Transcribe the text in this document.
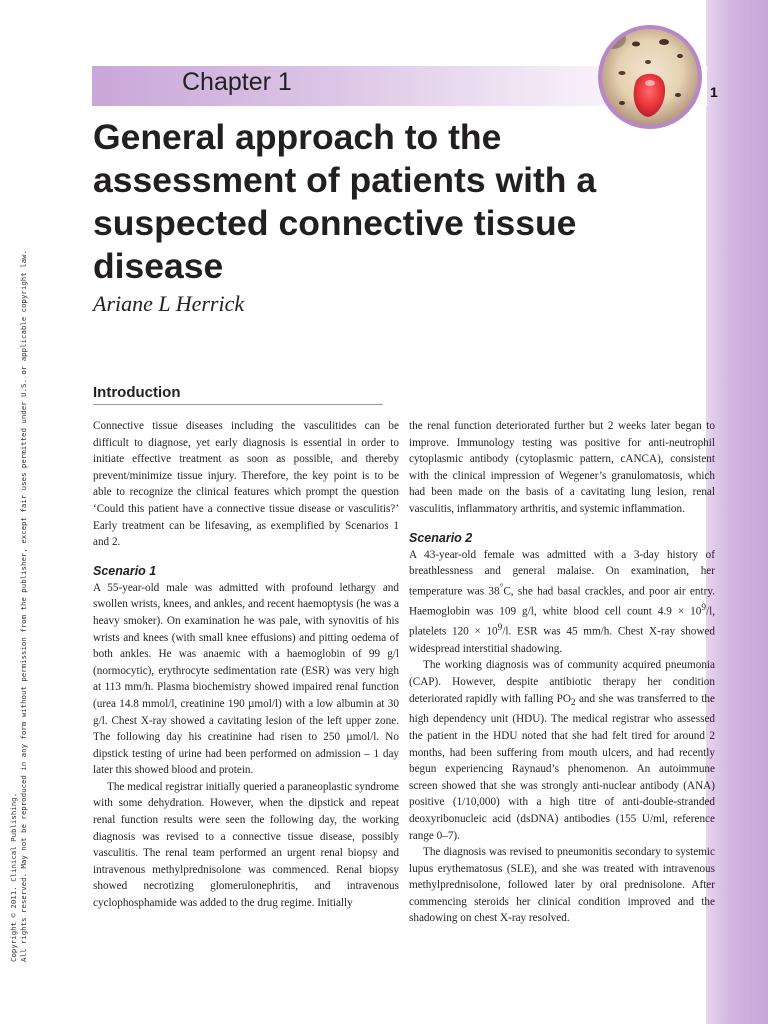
Chapter 1	1
General approach to the assessment of patients with a suspected connective tissue disease
Ariane L Herrick
Copyright © 2011. Clinical Publishing. All rights reserved. May not be reproduced in any form without permission from the publisher, except fair uses permitted under U.S. or applicable copyright law.	Introduction

Connective tissue diseases including the vasculitides can be difficult to diagnose, yet early diagnosis is essential in order to initiate effective treatment as soon as possible, and thereby prevent/minimize tissue injury. Therefore, the key point is to be able to recognize the clinical features which prompt the question ‘Could this patient have a connective tissue disease or vasculitis?’ Early treatment can be lifesaving, as exemplified by Scenarios 1 and 2.

Scenario 1

A 55-year-old male was admitted with profound lethargy and swollen wrists, knees, and ankles, and recent haemoptysis (he was a heavy smoker). On examination he was pale, with synovitis of his wrists and knees (with small knee effusions) and pitting oedema of both ankles. He was anaemic with a haemoglobin of 99 g/l (normocytic), erythrocyte sedimentation rate (ESR) was very high at 113 mm/h. Plasma biochemistry showed impaired renal function (urea 14.8 mmol/l, creatinine 190 µmol/l) with a low albumin at 30 g/l. Chest X-ray showed a cavitating lesion of the left upper zone. The following day his creatinine had risen to 250 µmol/l. No dipstick testing of urine had been performed on admission – 1 day later this showed blood and protein.

The medical registrar initially queried a paraneoplastic syndrome with some dehydration. However, when the dipstick and repeat renal function results were seen the following day, the working diagnosis was revised to a connective tissue disease, possibly vasculitis. The renal team performed an urgent renal biopsy and intravenous methylprednisolone was commenced. Renal biopsy showed necrotizing glomerulonephritis, and intravenous cyclophosphamide was added to the drug regime. Initially

the renal function deteriorated further but 2 weeks later began to improve. Immunology testing was positive for anti-neutrophil cytoplasmic antibody (cytoplasmic pattern, cANCA), consistent with the clinical impression of Wegener’s granulomatosis, which had been made on the basis of a cavitating lung lesion, renal vasculitis, inflammatory arthritis, and systemic inflammation.

Scenario 2

A 43-year-old female was admitted with a 3-day history of breathlessness and general malaise. On examination, her temperature was 38°C, she had basal crackles, and poor air entry. Haemoglobin was 109 g/l, white blood cell count $4.9 \times 10^9/l$, platelets $120 \times 10^9/l$. ESR was 45 mm/h. Chest X-ray showed widespread interstitial shadowing.

The working diagnosis was of community acquired pneumonia (CAP). However, despite antibiotic therapy her condition deteriorated rapidly with falling $PO_2$ and she was transferred to the high dependency unit (HDU). The medical registrar who assessed the patient in the HDU noted that she had felt tired for around 2 months, had been suffering from mouth ulcers, and had recently begun experiencing Raynaud’s phenomenon. An autoimmune screen showed that she was strongly anti-nuclear antibody (ANA) positive (1/10,000) with a high titre of anti-double-stranded deoxyribonucleic acid (dsDNA) antibodies (155 U/ml, reference range 0–7).

The diagnosis was revised to pneumonitis secondary to systemic lupus erythematosus (SLE), and she was treated with intravenous methylprednisolone, followed later by oral prednisolone. After commencing steroids her clinical condition improved and the shadowing on chest X-ray resolved.
